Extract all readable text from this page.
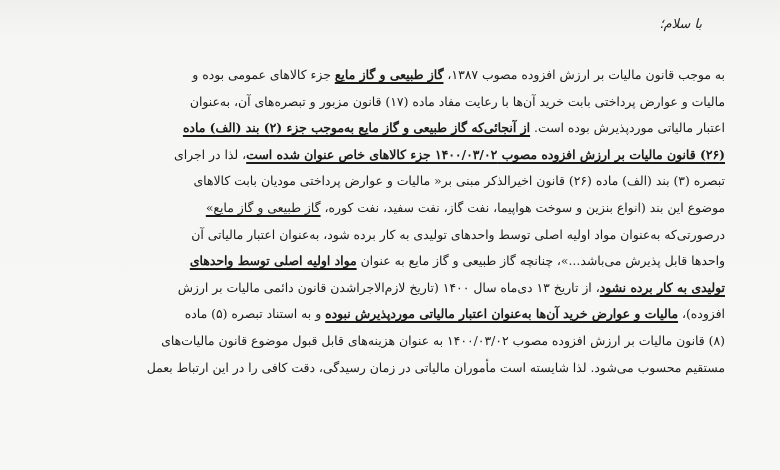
با سلام؛
به موجب قانون مالیات بر ارزش افزوده مصوب ۱۳۸۷، گاز طبیعی و گاز مایع جزء کالاهای عمومی بوده و
مالیات و عوارض پرداختی بابت خرید آن‌ها با رعایت مفاد ماده (۱۷) قانون مزبور و تبصره‌های آن، به‌عنوان
اعتبار مالیاتی موردپذیرش بوده است. از آنجائی‌که گاز طبیعی و گاز مایع به‌موجب جزء (۲) بند (الف) ماده
(۲۶) قانون مالیات بر ارزش افزوده مصوب ۱۴۰۰/۰۳/۰۲ جزء کالاهای خاص عنوان شده است، لذا در اجرای
تبصره (۳) بند (الف) ماده (۲۶) قانون اخیرالذکر مبنی بر« مالیات و عوارض پرداختی مودیان بابت کالاهای
موضوع این بند (انواع بنزین و سوخت هواپیما، نفت گاز، نفت سفید، نفت کوره، گاز طبیعی و گاز مایع»
درصورتی‌که به‌عنوان مواد اولیه اصلی توسط واحدهای تولیدی به کار برده شود، به‌عنوان اعتبار مالیاتی آن
واحدها قابل پذیرش می‌باشد...»، چنانچه گاز طبیعی و گاز مایع به عنوان مواد اولیه اصلی توسط واحدهای
تولیدی به کار برده نشود، از تاریخ ۱۳ دی‌ماه سال ۱۴۰۰ (تاریخ لازم‌الاجراشدن قانون دائمی مالیات بر ارزش
افزوده)، مالیات و عوارض خرید آن‌ها به‌عنوان اعتبار مالیاتی موردپذیرش نبوده و به استناد تبصره (۵) ماده
(۸) قانون مالیات بر ارزش افزوده مصوب ۱۴۰۰/۰۳/۰۲ به عنوان هزینه‌های قابل قبول موضوع قانون مالیات‌های
مستقیم محسوب می‌شود. لذا شایسته است مأموران مالیاتی در زمان رسیدگی، دقت کافی را در این ارتباط بعمل
